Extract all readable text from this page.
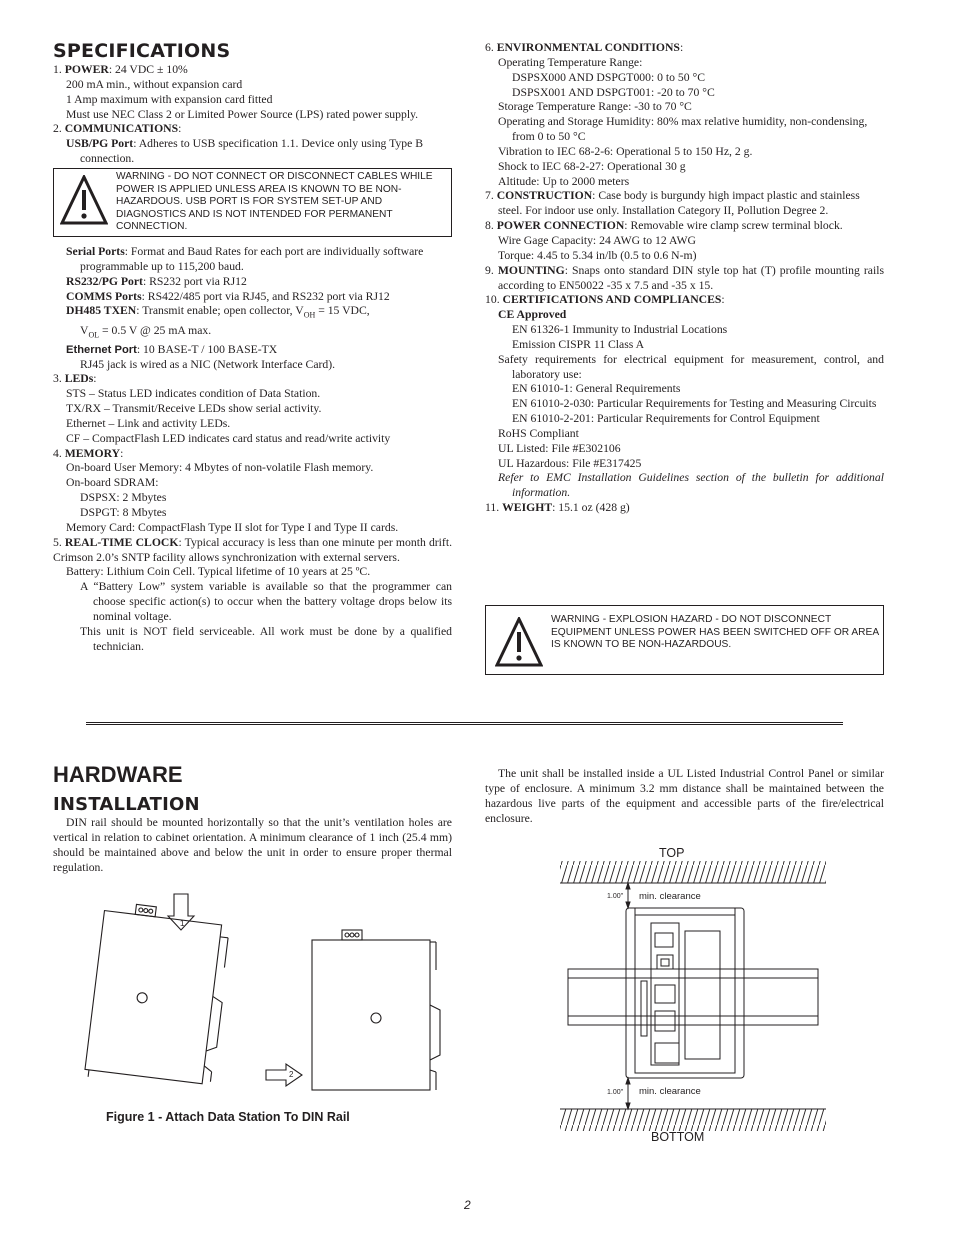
SPECIFICATIONS

1. POWER: 24 VDC ± 10%

200 mA min., without expansion card

1 Amp maximum with expansion card fitted

Must use NEC Class 2 or Limited Power Source (LPS) rated power supply.

2. COMMUNICATIONS:

USB/PG Port: Adheres to USB specification 1.1. Device only using Type B connection.

WARNING - DO NOT CONNECT OR DISCONNECT CABLES WHILE POWER IS APPLIED UNLESS AREA IS KNOWN TO BE NON-HAZARDOUS. USB PORT IS FOR SYSTEM SET-UP AND DIAGNOSTICS AND IS NOT INTENDED FOR PERMANENT CONNECTION.

Serial Ports: Format and Baud Rates for each port are individually software programmable up to 115,200 baud.

RS232/PG Port: RS232 port via RJ12

COMMS Ports: RS422/485 port via RJ45, and RS232 port via RJ12

DH485 TXEN: Transmit enable; open collector, $V_{OH} = 15$ VDC,

$V_{OL} = 0.5$ V @ 25 mA max.

Ethernet Port: 10 BASE-T / 100 BASE-TX

RJ45 jack is wired as a NIC (Network Interface Card).

3. LEDs:

STS – Status LED indicates condition of Data Station.

TX/RX – Transmit/Receive LEDs show serial activity.

Ethernet – Link and activity LEDs.

CF – CompactFlash LED indicates card status and read/write activity

4. MEMORY:

On-board User Memory: 4 Mbytes of non-volatile Flash memory.

On-board SDRAM:

DSPSX: 2 Mbytes

DSPGT: 8 Mbytes

Memory Card: CompactFlash Type II slot for Type I and Type II cards.

5. REAL-TIME CLOCK: Typical accuracy is less than one minute per month drift. Crimson 2.0’s SNTP facility allows synchronization with external servers.

Battery: Lithium Coin Cell. Typical lifetime of 10 years at 25 ºC.

A “Battery Low” system variable is available so that the programmer can choose specific action(s) to occur when the battery voltage drops below its nominal voltage.

This unit is NOT field serviceable. All work must be done by a qualified technician.

6. ENVIRONMENTAL CONDITIONS:

Operating Temperature Range:

DSPSX000 AND DSPGT000: 0 to 50 °C

DSPSX001 AND DSPGT001: -20 to 70 °C

Storage Temperature Range: -30 to 70 °C

Operating and Storage Humidity: 80% max relative humidity, non-condensing, from 0 to 50 °C

Vibration to IEC 68-2-6: Operational 5 to 150 Hz, 2 g.

Shock to IEC 68-2-27: Operational 30 g

Altitude: Up to 2000 meters

7. CONSTRUCTION: Case body is burgundy high impact plastic and stainless steel. For indoor use only. Installation Category II, Pollution Degree 2.

8. POWER CONNECTION: Removable wire clamp screw terminal block.

Wire Gage Capacity: 24 AWG to 12 AWG

Torque: 4.45 to 5.34 in/lb (0.5 to 0.6 N-m)

9. MOUNTING: Snaps onto standard DIN style top hat (T) profile mounting rails according to EN50022 -35 x 7.5 and -35 x 15.

10. CERTIFICATIONS AND COMPLIANCES:

CE Approved

EN 61326-1 Immunity to Industrial Locations

Emission CISPR 11 Class A

Safety requirements for electrical equipment for measurement, control, and laboratory use:

EN 61010-1: General Requirements

EN 61010-2-030: Particular Requirements for Testing and Measuring Circuits

EN 61010-2-201: Particular Requirements for Control Equipment

RoHS Compliant

UL Listed: File #E302106

UL Hazardous: File #E317425

Refer to EMC Installation Guidelines section of the bulletin for additional information.

11. WEIGHT: 15.1 oz (428 g)

WARNING - EXPLOSION HAZARD - DO NOT DISCONNECT EQUIPMENT UNLESS POWER HAS BEEN SWITCHED OFF OR AREA IS KNOWN TO BE NON-HAZARDOUS.
HARDWARE
INSTALLATION
DIN rail should be mounted horizontally so that the unit’s ventilation holes are vertical in relation to cabinet orientation. A minimum clearance of 1 inch (25.4 mm) should be maintained above and below the unit in order to ensure proper thermal regulation.
The unit shall be installed inside a UL Listed Industrial Control Panel or similar type of enclosure. A minimum 3.2 mm distance shall be maintained between the hazardous live parts of the equipment and accessible parts of the fire/electrical enclosure.
1
2
Figure 1 - Attach Data Station To DIN Rail
TOP
BOTTOM
1.00" min. clearance
1.00" min. clearance
2
